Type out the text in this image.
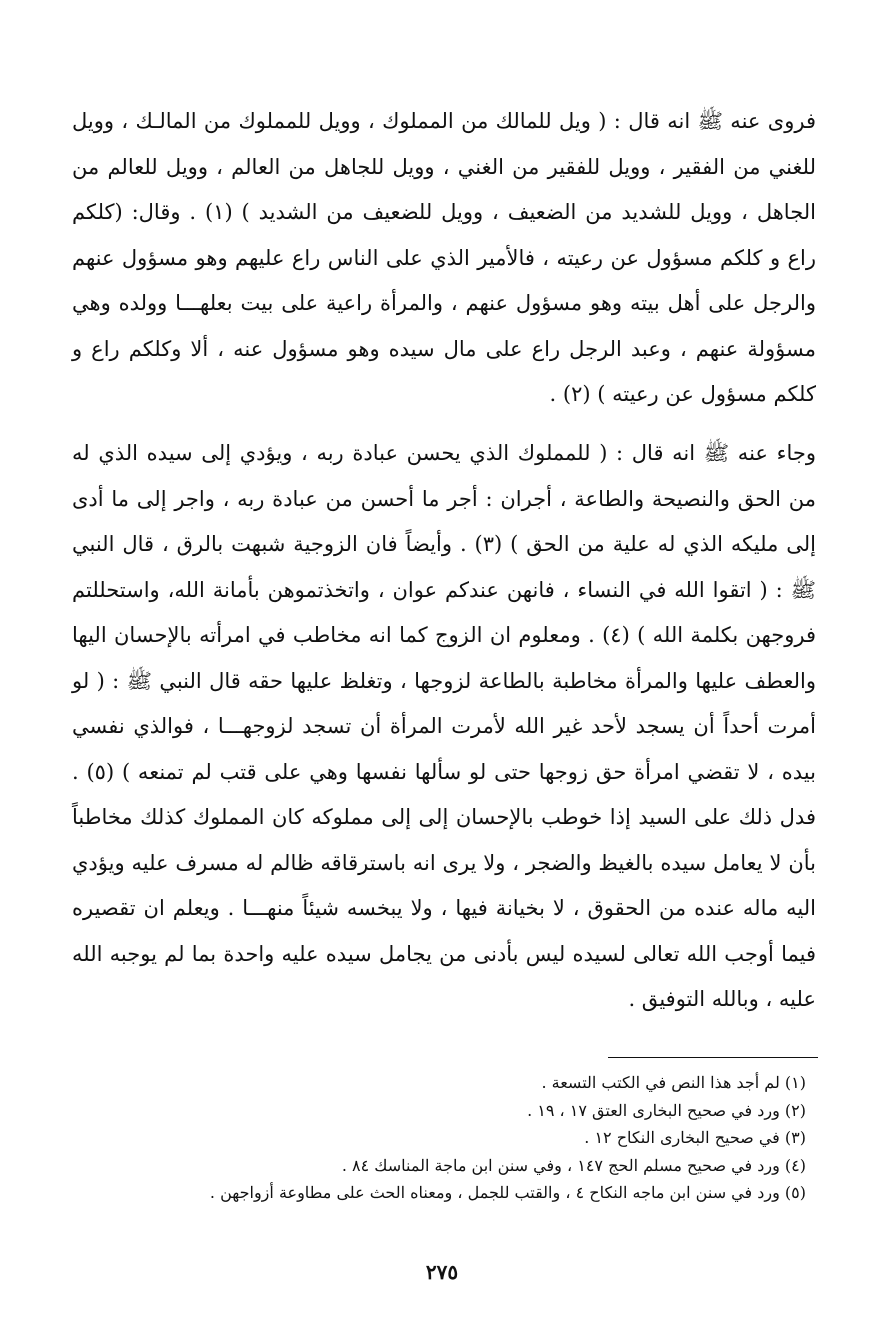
فروى عنه ﷺ انه قال : ( ويل للمالك من المملوك ، وويل للمملوك من المالـك ، وويل للغني من الفقير ، وويل للفقير من الغني ، وويل للجاهل من العالم ، وويل للعالم من الجاهل ، وويل للشديد من الضعيف ، وويل للضعيف من الشديد ) (١) . وقال: (كلكم راع و كلكم مسؤول عن رعيته ، فالأمير الذي على الناس راع عليهم وهو مسؤول عنهم والرجل على أهل بيته وهو مسؤول عنهم ، والمرأة راعية على بيت بعلهـــا وولده وهي مسؤولة عنهم ، وعبد الرجل راع على مال سيده وهو مسؤول عنه ، ألا وكلكم راع و كلكم مسؤول عن رعيته ) (٢) .

وجاء عنه ﷺ انه قال : ( للمملوك الذي يحسن عبادة ربه ، ويؤدي إلى سيده الذي له من الحق والنصيحة والطاعة ، أجران : أجر ما أحسن من عبادة ربه ، واجر إلى ما أدى إلى مليكه الذي له علية من الحق ) (٣) . وأيضاً فان الزوجية شبهت بالرق ، قال النبي ﷺ : ( اتقوا الله في النساء ، فانهن عندكم عوان ، واتخذتموهن بأمانة الله، واستحللتم فروجهن بكلمة الله ) (٤) . ومعلوم ان الزوج كما انه مخاطب في امرأته بالإحسان اليها والعطف عليها والمرأة مخاطبة بالطاعة لزوجها ، وتغلظ عليها حقه قال النبي ﷺ : ( لو أمرت أحداً أن يسجد لأحد غير الله لأمرت المرأة أن تسجد لزوجهـــا ، فوالذي نفسي بيده ، لا تقضي امرأة حق زوجها حتى لو سألها نفسها وهي على قتب لم تمنعه ) (٥) . فدل ذلك على السيد إذا خوطب بالإحسان إلى إلى مملوكه كان المملوك كذلك مخاطباً بأن لا يعامل سيده بالغيظ والضجر ، ولا يرى انه باسترقاقه ظالم له مسرف عليه ويؤدي اليه ماله عنده من الحقوق ، لا بخيانة فيها ، ولا يبخسه شيئاً منهـــا . ويعلم ان تقصيره فيما أوجب الله تعالى لسيده ليس بأدنى من يجامل سيده عليه واحدة بما لم يوجبه الله عليه ، وبالله التوفيق .

(١) لم أجد هذا النص في الكتب التسعة .
(٢) ورد في صحيح البخارى العتق ١٧ ، ١٩ .
(٣) في صحيح البخارى النكاح ١٢ .
(٤) ورد في صحيح مسلم الحج ١٤٧ ، وفي سنن ابن ماجة المناسك ٨٤ .
(٥) ورد في سنن ابن ماجه النكاح ٤ ، والقتب للجمل ، ومعناه الحث على مطاوعة أزواجهن .
٢٧٥
